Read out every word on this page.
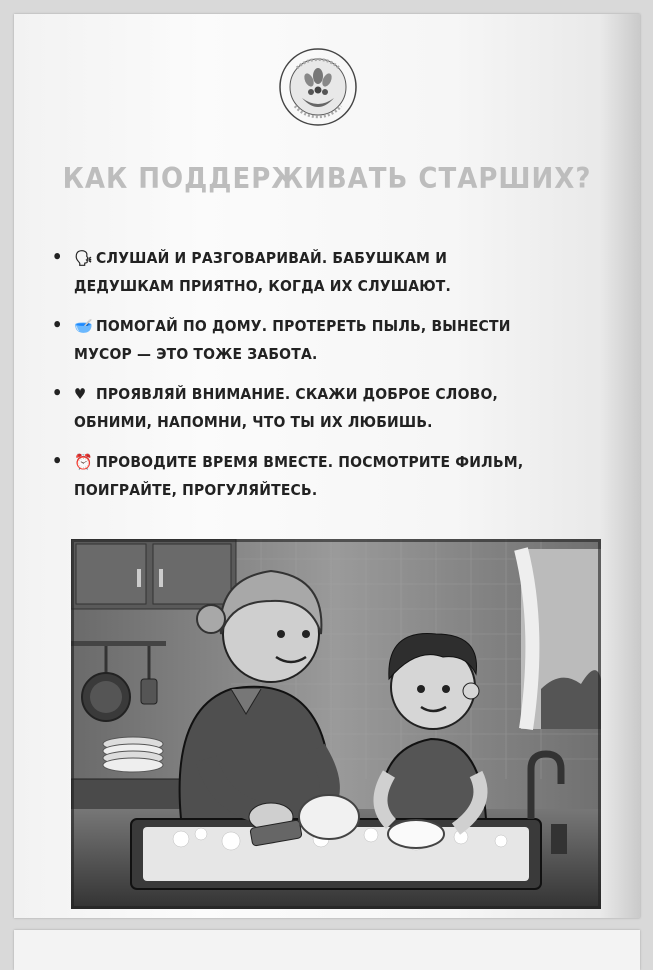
КАК ПОДДЕРЖИВАТЬ СТАРШИХ?
• 🗣 СЛУШАЙ И РАЗГОВАРИВАЙ. БАБУШКАМ И
ДЕДУШКАМ ПРИЯТНО, КОГДА ИХ СЛУШАЮТ.
• 🥣 ПОМОГАЙ ПО ДОМУ. ПРОТЕРЕТЬ ПЫЛЬ, ВЫНЕСТИ
МУСОР — ЭТО ТОЖЕ ЗАБОТА.
• ♥ ПРОЯВЛЯЙ ВНИМАНИЕ. СКАЖИ ДОБРОЕ СЛОВО,
ОБНИМИ, НАПОМНИ, ЧТО ТЫ ИХ ЛЮБИШЬ.
• ⏰ ПРОВОДИТЕ ВРЕМЯ ВМЕСТЕ. ПОСМОТРИТЕ ФИЛЬМ,
ПОИГРАЙТЕ, ПРОГУЛЯЙТЕСЬ.
